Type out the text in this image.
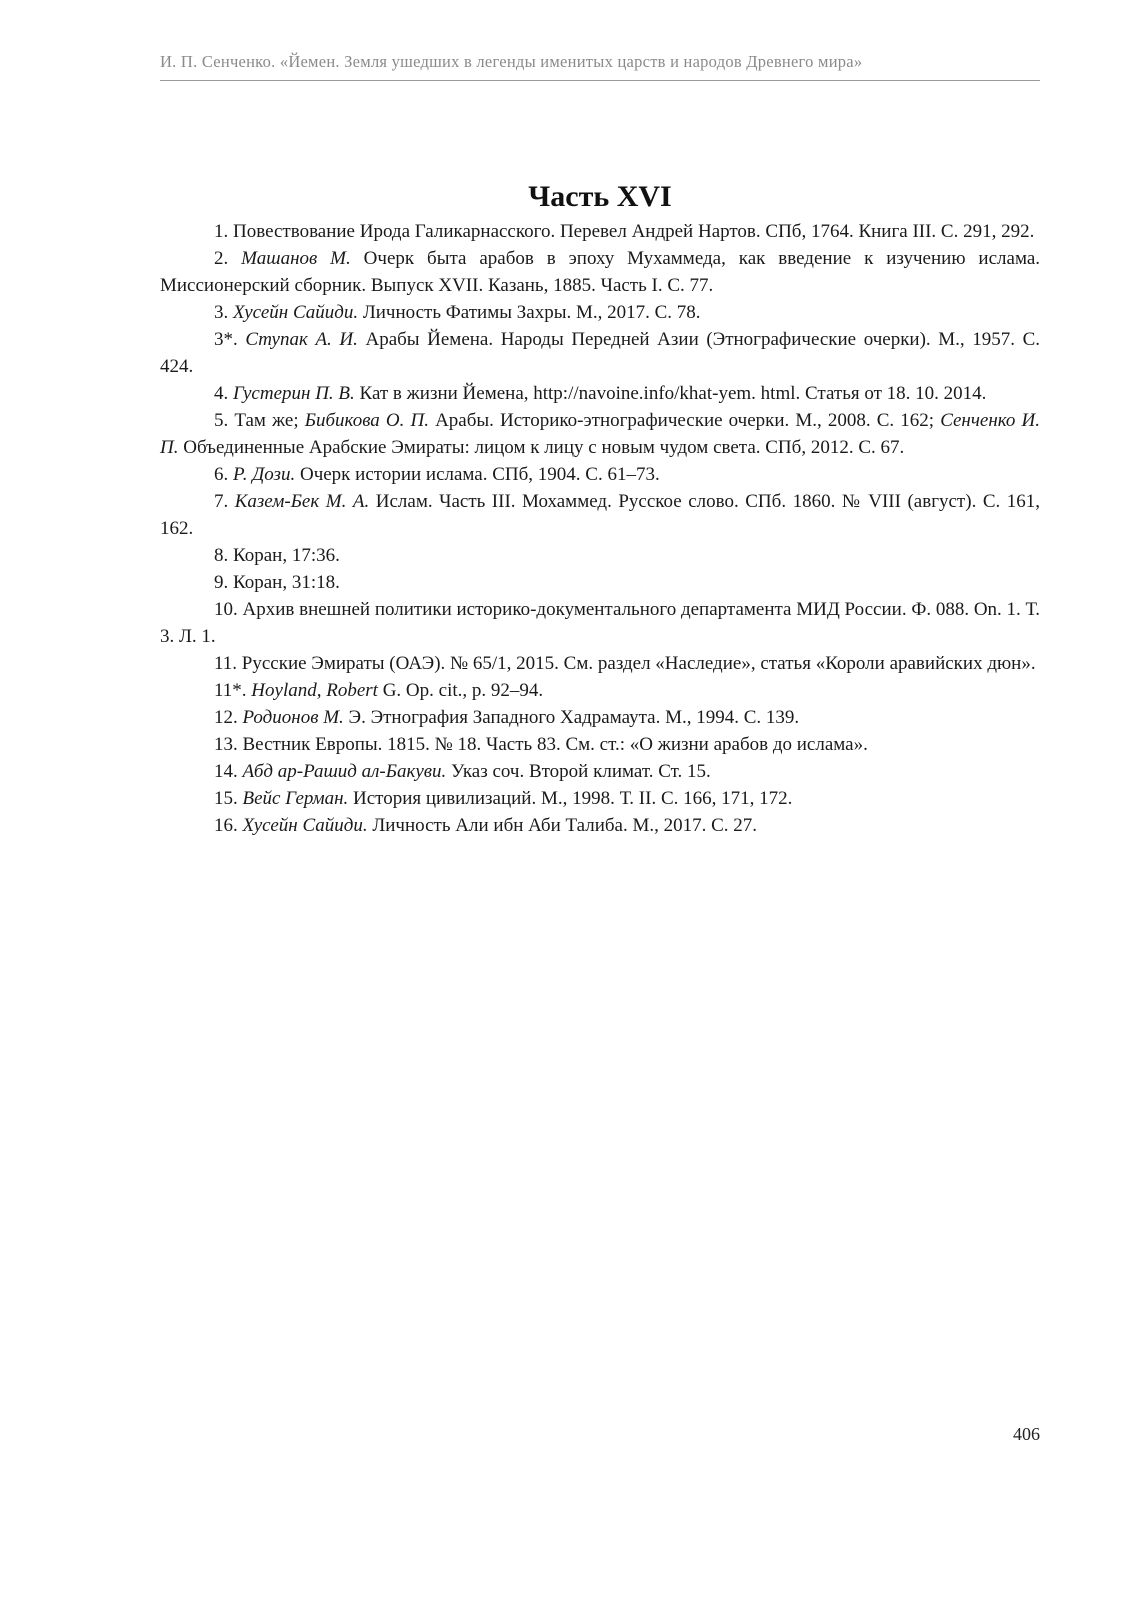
И. П. Сенченко. «Йемен. Земля ушедших в легенды именитых царств и народов Древнего мира»
Часть XVI

1. Повествование Ирода Галикарнасского. Перевел Андрей Нартов. СПб, 1764. Книга III. С. 291, 292.

2. Машанов М. Очерк быта арабов в эпоху Мухаммеда, как введение к изучению ислама. Миссионерский сборник. Выпуск XVII. Казань, 1885. Часть I. С. 77.

3. Хусейн Сайиди. Личность Фатимы Захры. М., 2017. С. 78.

3*. Ступак А. И. Арабы Йемена. Народы Передней Азии (Этнографические очерки). М., 1957. С. 424.

4. Густерин П. В. Кат в жизни Йемена, http://navoine.info/khat-yem. html. Статья от 18. 10. 2014.

5. Там же; Бибикова О. П. Арабы. Историко-этнографические очерки. М., 2008. С. 162; Сенченко И. П. Объединенные Арабские Эмираты: лицом к лицу с новым чудом света. СПб, 2012. С. 67.

6. Р. Дози. Очерк истории ислама. СПб, 1904. С. 61–73.

7. Казем-Бек М. А. Ислам. Часть III. Мохаммед. Русское слово. СПб. 1860. № VIII (август). С. 161, 162.

8. Коран, 17:36.

9. Коран, 31:18.

10. Архив внешней политики историко-документального департамента МИД России. Ф. 088. On. 1. Т. 3. Л. 1.

11. Русские Эмираты (ОАЭ). № 65/1, 2015. См. раздел «Наследие», статья «Короли аравийских дюн».

11*. Hoyland, Robert G. Op. cit., p. 92–94.

12. Родионов М. Э. Этнография Западного Хадрамаута. М., 1994. С. 139.

13. Вестник Европы. 1815. № 18. Часть 83. См. ст.: «О жизни арабов до ислама».

14. Абд ар-Рашид ал-Бакуви. Указ соч. Второй климат. Ст. 15.

15. Вейс Герман. История цивилизаций. М., 1998. Т. II. С. 166, 171, 172.

16. Хусейн Сайиди. Личность Али ибн Аби Талиба. М., 2017. С. 27.

406
